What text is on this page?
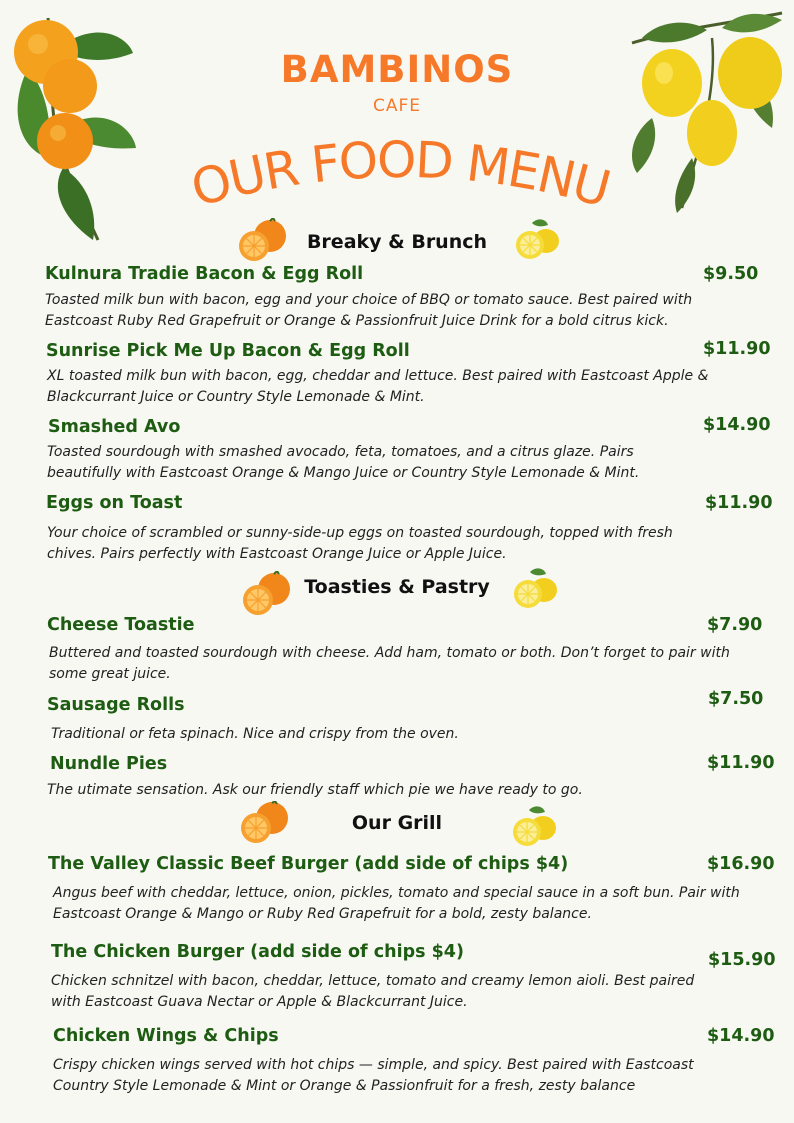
BAMBINOS
CAFE
OUR FOOD MENU
Breaky & Brunch
Kulnura Tradie Bacon & Egg Roll	$9.50
Toasted milk bun with bacon, egg and your choice of BBQ or tomato sauce. Best paired with Eastcoast Ruby Red Grapefruit or Orange & Passionfruit Juice Drink for a bold citrus kick.
Sunrise Pick Me Up Bacon & Egg Roll	$11.90
XL toasted milk bun with bacon, egg, cheddar and lettuce. Best paired with Eastcoast Apple & Blackcurrant Juice or Country Style Lemonade & Mint.
Smashed Avo	$14.90
Toasted sourdough with smashed avocado, feta, tomatoes, and a citrus glaze. Pairs beautifully with Eastcoast Orange & Mango Juice or Country Style Lemonade & Mint.
Eggs on Toast	$11.90
Your choice of scrambled or sunny-side-up eggs on toasted sourdough, topped with fresh chives. Pairs perfectly with Eastcoast Orange Juice or Apple Juice.
Toasties & Pastry
Cheese Toastie	$7.90
Buttered and toasted sourdough with cheese. Add ham, tomato or both. Don’t forget to pair with some great juice.
Sausage Rolls	$7.50
Traditional or feta spinach. Nice and crispy from the oven.
Nundle Pies	$11.90
The utimate sensation. Ask our friendly staff which pie we have ready to go.
Our Grill
The Valley Classic Beef Burger (add side of chips $4)	$16.90
Angus beef with cheddar, lettuce, onion, pickles, tomato and special sauce in a soft bun. Pair with Eastcoast Orange & Mango or Ruby Red Grapefruit for a bold, zesty balance.
The Chicken Burger (add side of chips $4)	$15.90
Chicken schnitzel with bacon, cheddar, lettuce, tomato and creamy lemon aioli. Best paired with Eastcoast Guava Nectar or Apple & Blackcurrant Juice.
Chicken Wings & Chips	$14.90
Crispy chicken wings served with hot chips — simple, and spicy. Best paired with Eastcoast Country Style Lemonade & Mint or Orange & Passionfruit for a fresh, zesty balance
